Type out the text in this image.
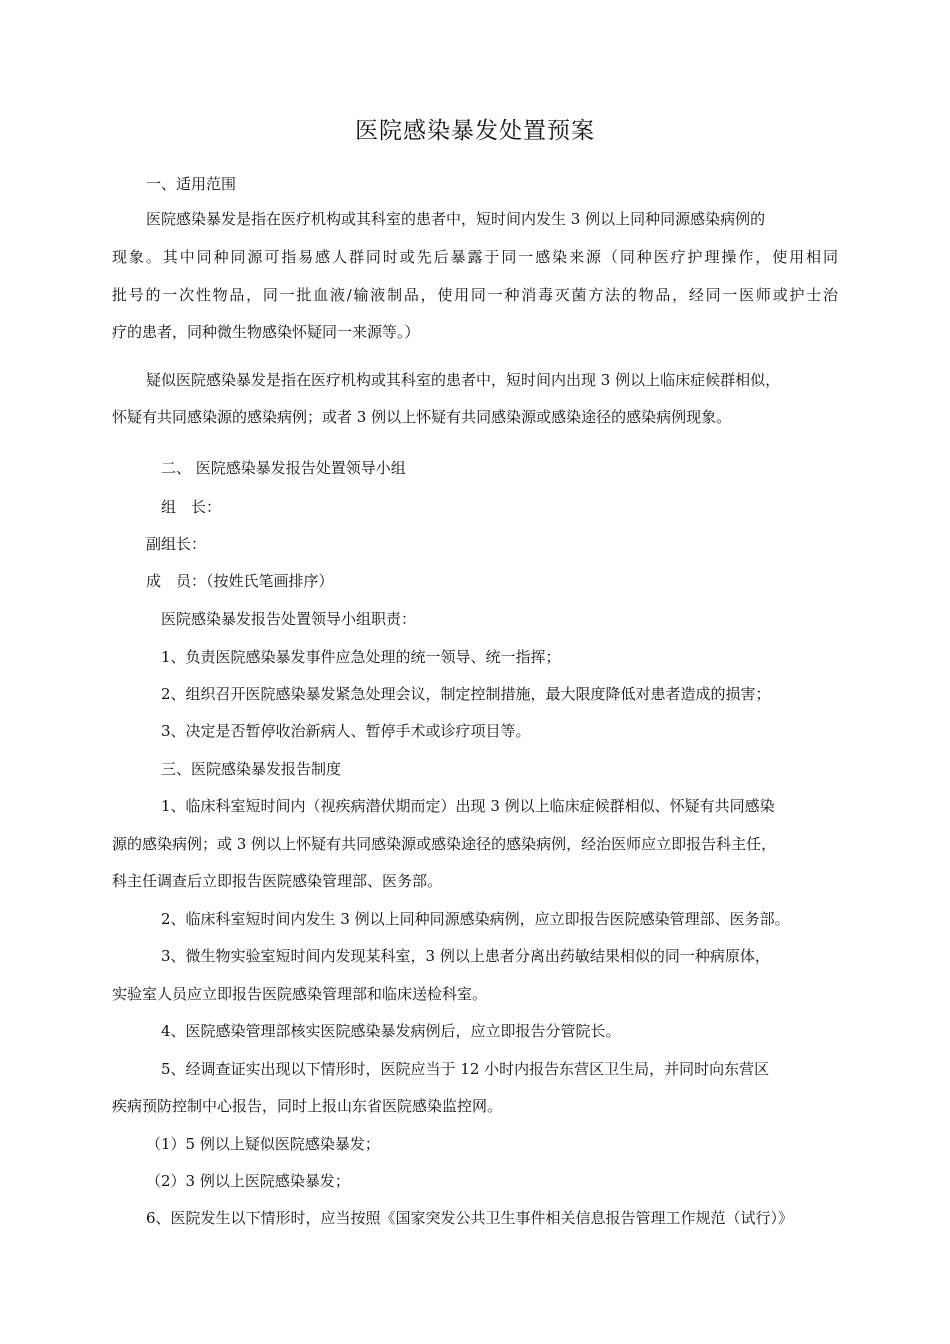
医院感染暴发处置预案
一、适用范围
医院感染暴发是指在医疗机构或其科室的患者中，短时间内发生 3 例以上同种同源感染病例的
现象。其中同种同源可指易感人群同时或先后暴露于同一感染来源（同种医疗护理操作，使用相同
批号的一次性物品，同一批血液/输液制品，使用同一种消毒灭菌方法的物品，经同一医师或护士治
疗的患者，同种微生物感染怀疑同一来源等。）
疑似医院感染暴发是指在医疗机构或其科室的患者中，短时间内出现 3 例以上临床症候群相似，
怀疑有共同感染源的感染病例；或者 3 例以上怀疑有共同感染源或感染途径的感染病例现象。
二、 医院感染暴发报告处置领导小组
组　长：
副组长：
成　员：（按姓氏笔画排序）
医院感染暴发报告处置领导小组职责：
1、负责医院感染暴发事件应急处理的统一领导、统一指挥；
2、组织召开医院感染暴发紧急处理会议，制定控制措施，最大限度降低对患者造成的损害；
3、决定是否暂停收治新病人、暂停手术或诊疗项目等。
三、医院感染暴发报告制度
1、临床科室短时间内（视疾病潜伏期而定）出现 3 例以上临床症候群相似、怀疑有共同感染
源的感染病例；或 3 例以上怀疑有共同感染源或感染途径的感染病例，经治医师应立即报告科主任，
科主任调查后立即报告医院感染管理部、医务部。
2、临床科室短时间内发生 3 例以上同种同源感染病例，应立即报告医院感染管理部、医务部。
3、微生物实验室短时间内发现某科室，3 例以上患者分离出药敏结果相似的同一种病原体，
实验室人员应立即报告医院感染管理部和临床送检科室。
4、医院感染管理部核实医院感染暴发病例后，应立即报告分管院长。
5、经调查证实出现以下情形时，医院应当于 12 小时内报告东营区卫生局，并同时向东营区
疾病预防控制中心报告，同时上报山东省医院感染监控网。
（1）5 例以上疑似医院感染暴发；
（2）3 例以上医院感染暴发；
6、医院发生以下情形时，应当按照《国家突发公共卫生事件相关信息报告管理工作规范（试行）》
